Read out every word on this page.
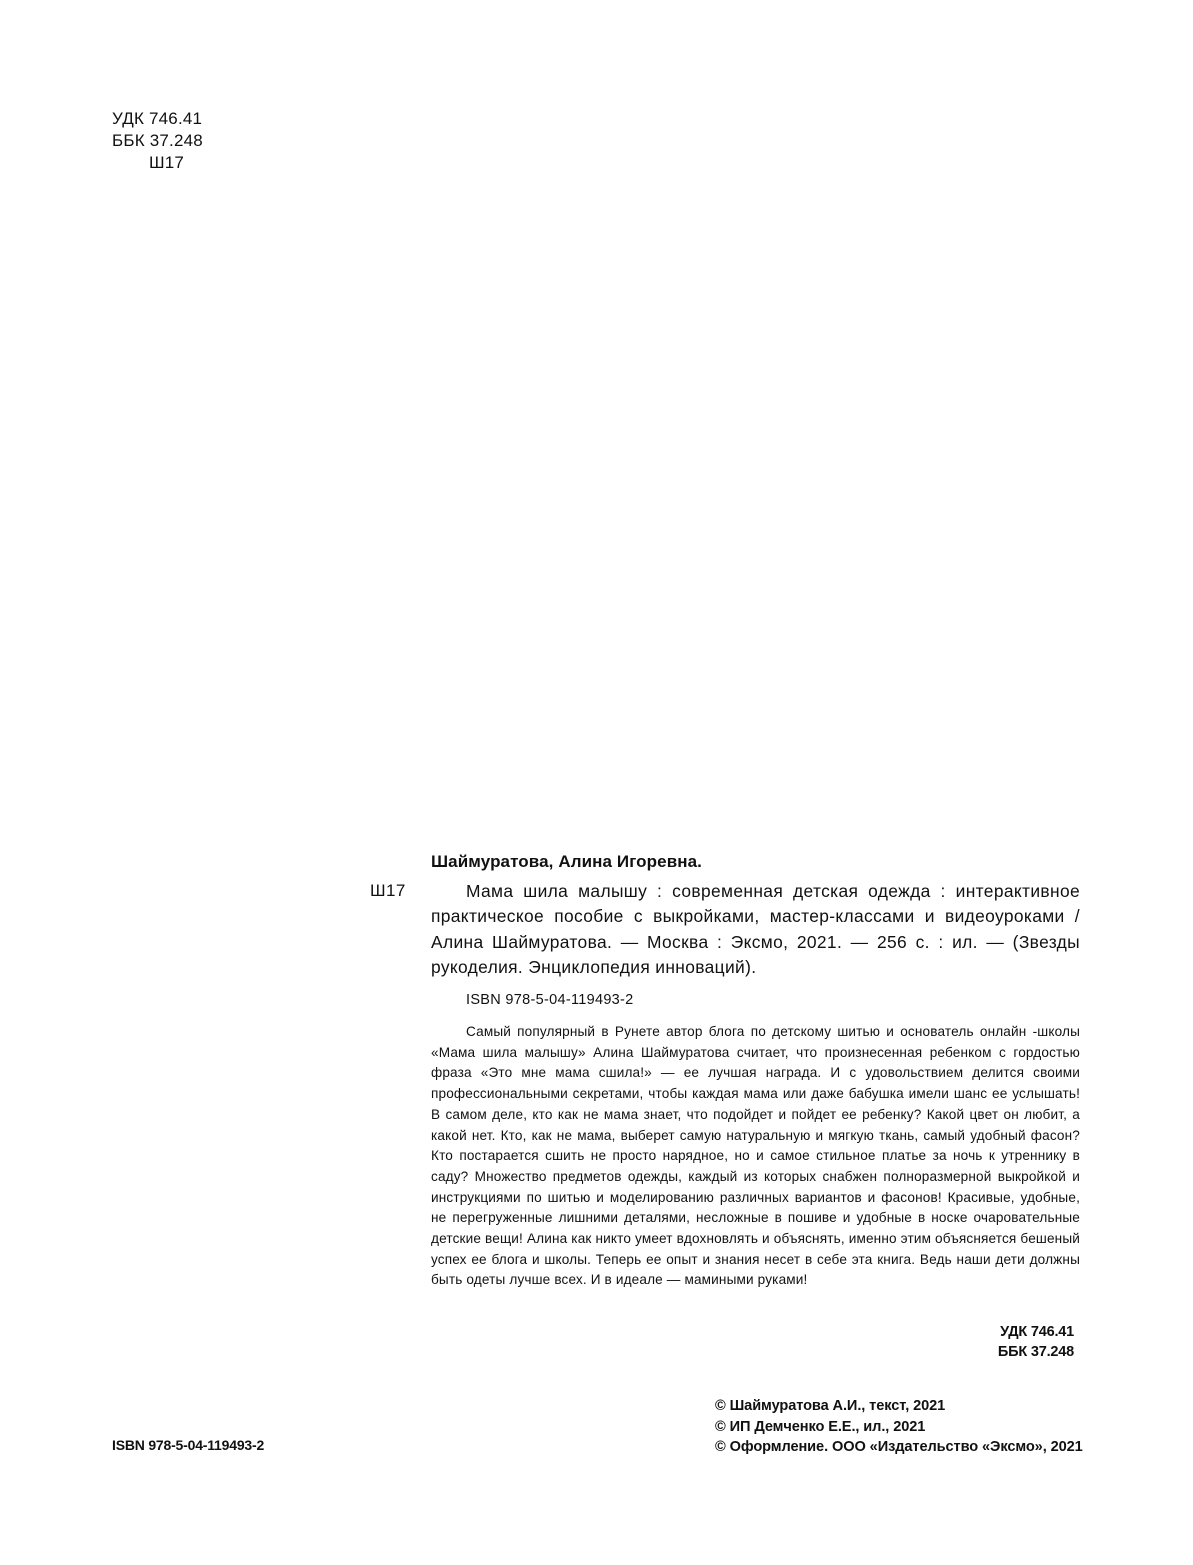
УДК 746.41
ББК 37.248
Ш17
Шаймуратова, Алина Игоревна.
Ш17	Мама шила малышу : современная детская одежда : интерактивное практическое пособие с выкройками, мастер-классами и видеоуроками / Алина Шаймуратова. — Москва : Эксмо, 2021. — 256 с. : ил. — (Звезды рукоделия. Энциклопедия инноваций).

ISBN 978-5-04-119493-2

Самый популярный в Рунете автор блога по детскому шитью и основатель онлайн -школы «Мама шила малышу» Алина Шаймуратова считает, что произнесенная ребенком с гордостью фраза «Это мне мама сшила!» — ее лучшая награда. И с удовольствием делится своими профессиональными секретами, чтобы каждая мама или даже бабушка имели шанс ее услышать! В самом деле, кто как не мама знает, что подойдет и пойдет ее ребенку? Какой цвет он любит, а какой нет. Кто, как не мама, выберет самую натуральную и мягкую ткань, самый удобный фасон? Кто постарается сшить не просто нарядное, но и самое стильное платье за ночь к утреннику в саду? Множество предметов одежды, каждый из которых снабжен полноразмерной выкройкой и инструкциями по шитью и моделированию различных вариантов и фасонов! Красивые, удобные, не перегруженные лишними деталями, несложные в пошиве и удобные в носке очаровательные детские вещи! Алина как никто умеет вдохновлять и объяснять, именно этим объясняется бешеный успех ее блога и школы. Теперь ее опыт и знания несет в себе эта книга. Ведь наши дети должны быть одеты лучше всех. И в идеале — мамиными руками!

УДК 746.41
ББК 37.248
ISBN 978-5-04-119493-2
© Шаймуратова А.И., текст, 2021
© ИП Демченко Е.Е., ил., 2021
© Оформление. ООО «Издательство «Эксмо», 2021
